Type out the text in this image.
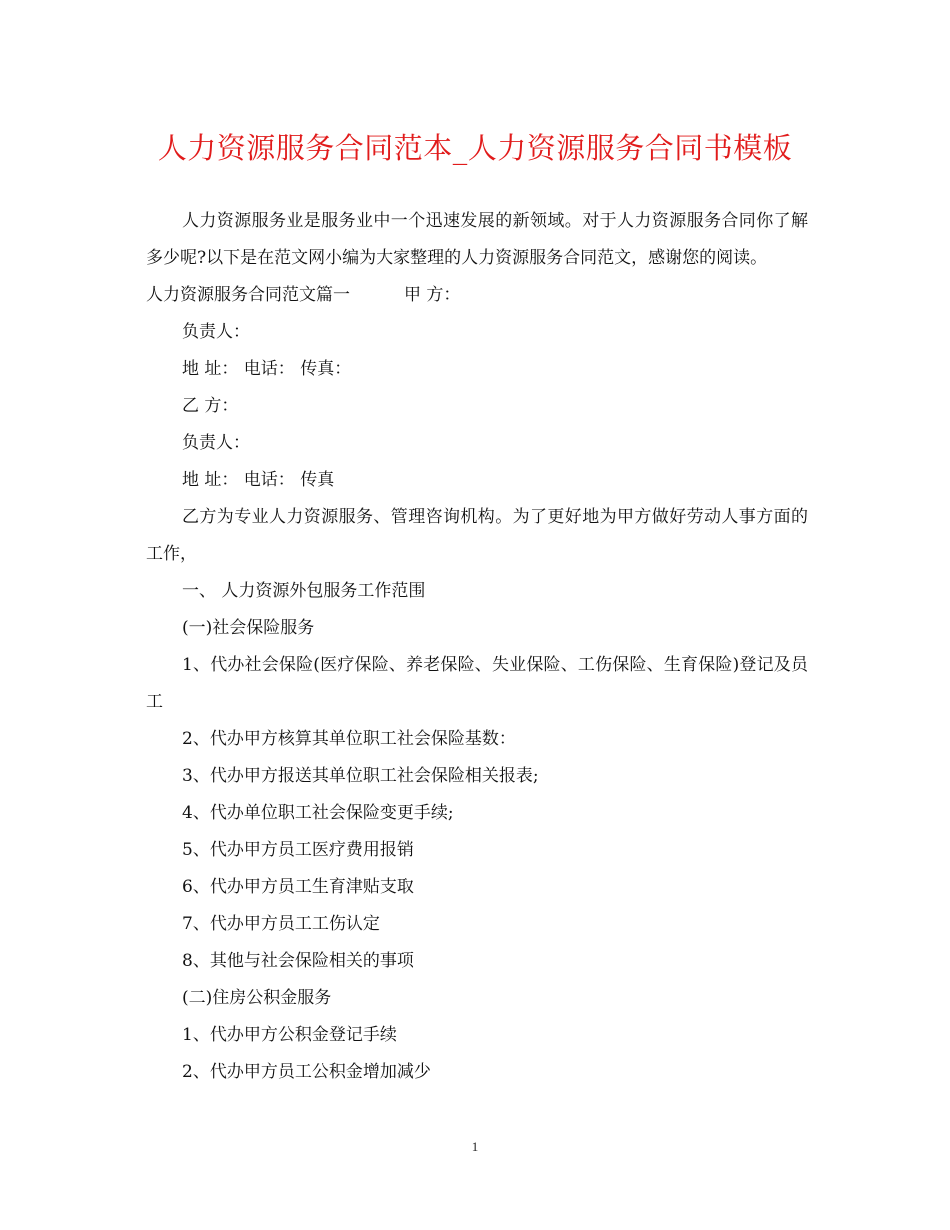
人力资源服务合同范本_人力资源服务合同书模板

人力资源服务业是服务业中一个迅速发展的新领域。对于人力资源服务合同你了解多少呢?以下是在范文网小编为大家整理的人力资源服务合同范文，感谢您的阅读。

人力资源服务合同范文篇一	甲 方：

负责人：

地 址： 电话： 传真：

乙 方：

负责人：

地 址： 电话： 传真

乙方为专业人力资源服务、管理咨询机构。为了更好地为甲方做好劳动人事方面的工作，

一、 人力资源外包服务工作范围

(一)社会保险服务

1、代办社会保险(医疗保险、养老保险、失业保险、工伤保险、生育保险)登记及员工

2、代办甲方核算其单位职工社会保险基数：

3、代办甲方报送其单位职工社会保险相关报表;

4、代办单位职工社会保险变更手续;

5、代办甲方员工医疗费用报销

6、代办甲方员工生育津贴支取

7、代办甲方员工工伤认定

8、其他与社会保险相关的事项

(二)住房公积金服务

1、代办甲方公积金登记手续

2、代办甲方员工公积金增加减少

1
